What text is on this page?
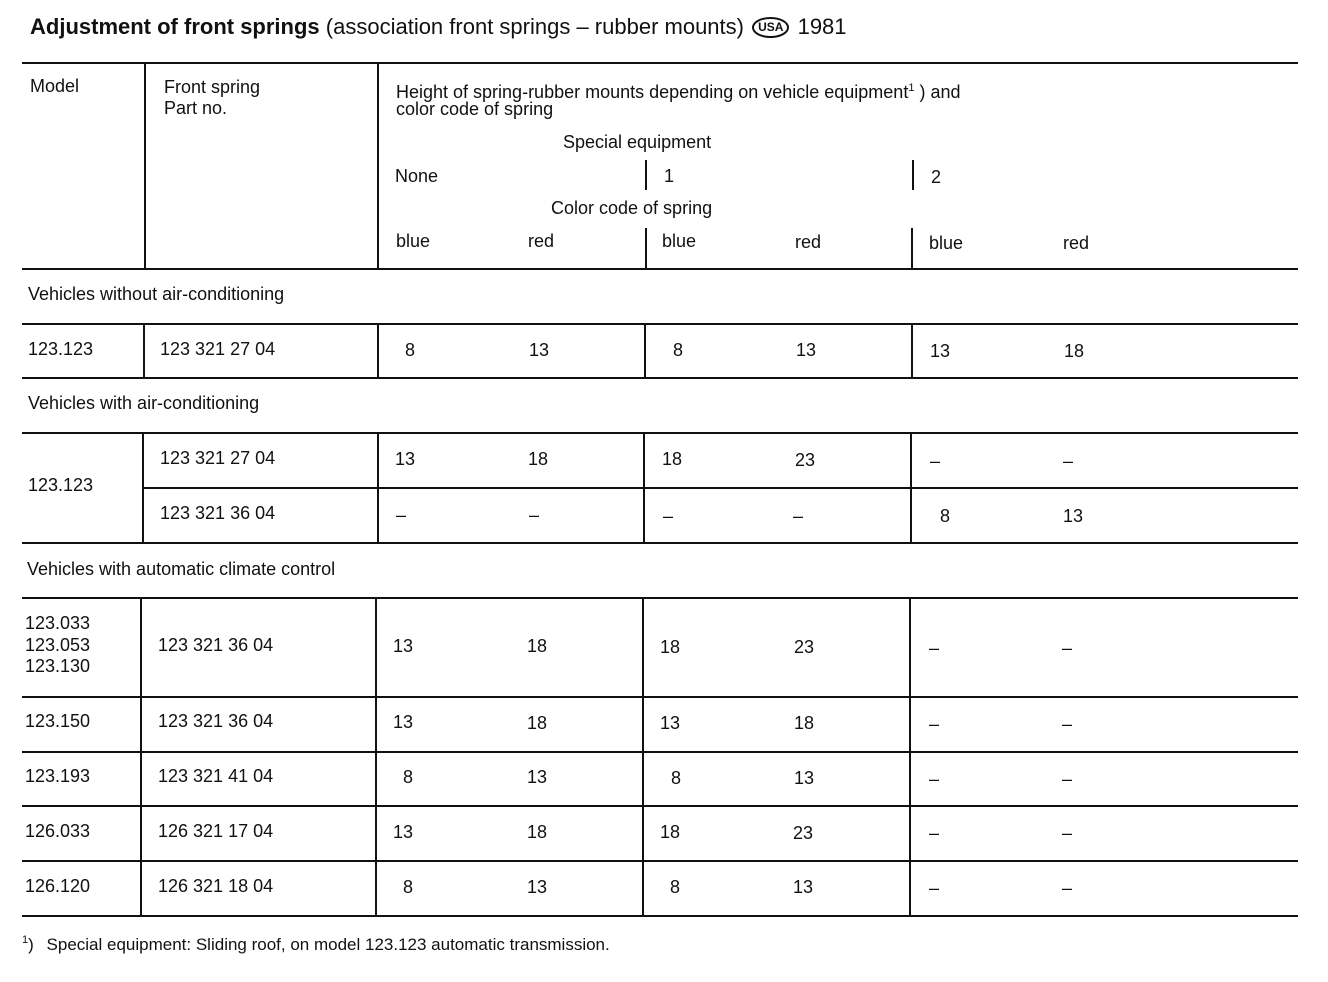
Adjustment of front springs (association front springs – rubber mounts) USA 1981
Model	Front spring
Part no.
Height of spring-rubber mounts depending on vehicle equipment$^1$ ) and
color code of spring
Special equipment
None	1	2
Color code of spring
blue	red	blue	red	blue	red
Vehicles without air-conditioning
123.123	123 321 27 04	8	13	8	13	13	18
Vehicles with air-conditioning
123.123
123 321 27 04	13	18	18	23	–	–
123 321 36 04	–	–	–	–	8	13
Vehicles with automatic climate control
123.033
123.053
123.130
123 321 36 04	13	18	18	23	–	–
123.150	123 321 36 04	13	18	13	18	–	–
123.193	123 321 41 04	8	13	8	13	–	–
126.033	126 321 17 04	13	18	18	23	–	–
126.120	126 321 18 04	8	13	8	13	–	–
$^1$) Special equipment: Sliding roof, on model 123.123 automatic transmission.
